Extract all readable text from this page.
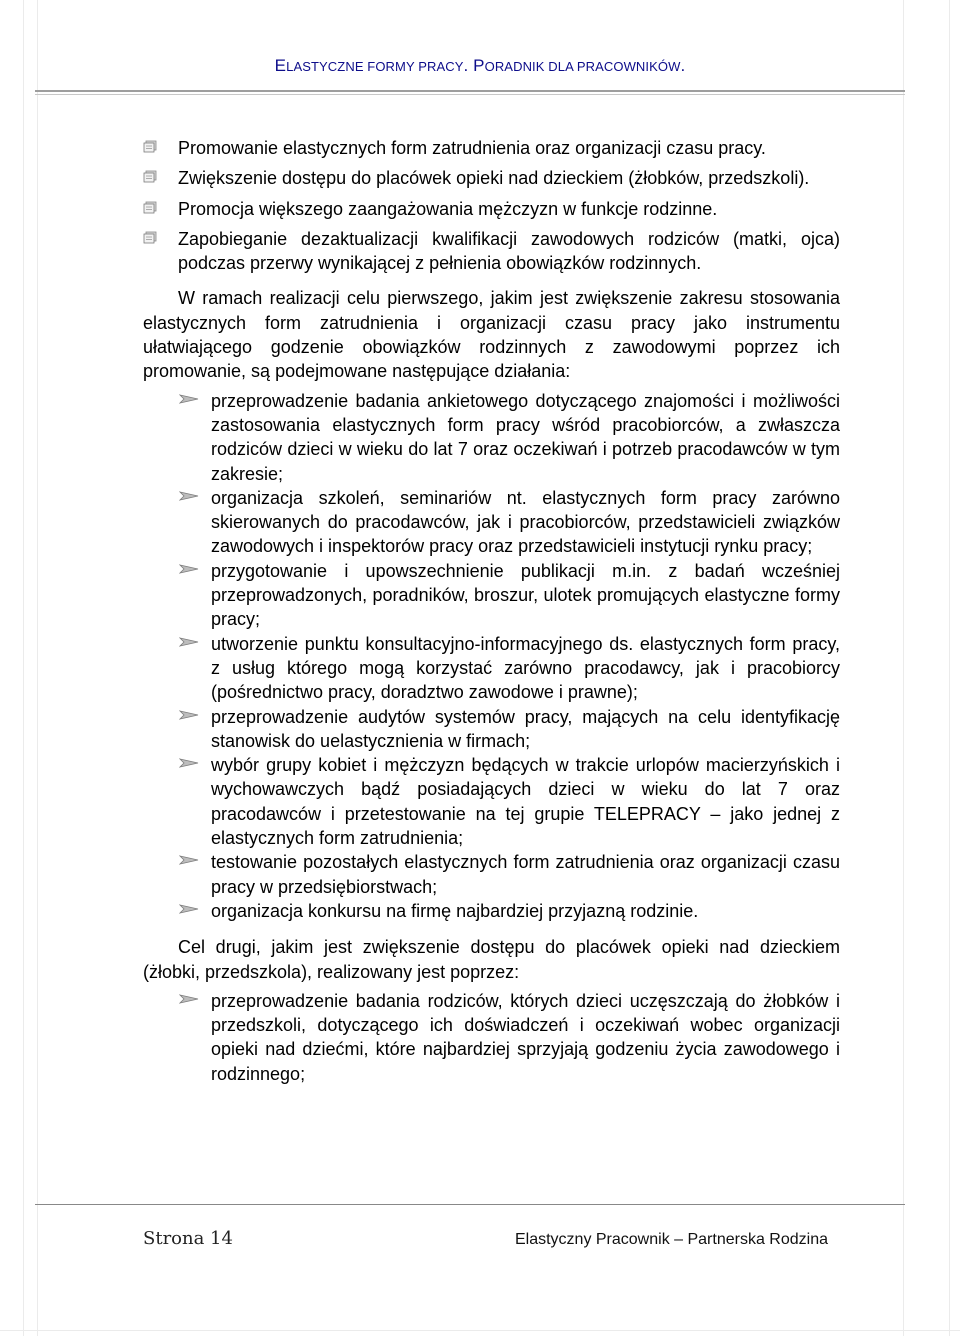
ELASTYCZNE FORMY PRACY. PORADNIK DLA PRACOWNIKÓW.
Promowanie elastycznych form zatrudnienia oraz organizacji czasu pracy.
Zwiększenie dostępu do placówek opieki nad dzieckiem (żłobków, przedszkoli).
Promocja większego zaangażowania mężczyzn w funkcje rodzinne.
Zapobieganie dezaktualizacji kwalifikacji zawodowych rodziców (matki, ojca) podczas przerwy wynikającej z pełnienia obowiązków rodzinnych.

W ramach realizacji celu pierwszego, jakim jest zwiększenie zakresu stosowania elastycznych form zatrudnienia i organizacji czasu pracy jako instrumentu ułatwiającego godzenie obowiązków rodzinnych z zawodowymi poprzez ich promowanie, są podejmowane następujące działania:

przeprowadzenie badania ankietowego dotyczącego znajomości i możliwości zastosowania elastycznych form pracy wśród pracobiorców, a zwłaszcza rodziców dzieci w wieku do lat 7 oraz oczekiwań i potrzeb pracodawców w tym zakresie;
organizacja szkoleń, seminariów nt. elastycznych form pracy zarówno skierowanych do pracodawców, jak i pracobiorców, przedstawicieli związków zawodowych i inspektorów pracy oraz przedstawicieli instytucji rynku pracy;
przygotowanie i upowszechnienie publikacji m.in. z badań wcześniej przeprowadzonych, poradników, broszur, ulotek promujących elastyczne formy pracy;
utworzenie punktu konsultacyjno-informacyjnego ds. elastycznych form pracy, z usług którego mogą korzystać zarówno pracodawcy, jak i pracobiorcy (pośrednictwo pracy, doradztwo zawodowe i prawne);
przeprowadzenie audytów systemów pracy, mających na celu identyfikację stanowisk do uelastycznienia w firmach;
wybór grupy kobiet i mężczyzn będących w trakcie urlopów macierzyńskich i wychowawczych bądź posiadających dzieci w wieku do lat 7 oraz pracodawców i przetestowanie na tej grupie TELEPRACY – jako jednej z elastycznych form zatrudnienia;
testowanie pozostałych elastycznych form zatrudnienia oraz organizacji czasu pracy w przedsiębiorstwach;
organizacja konkursu na firmę najbardziej przyjazną rodzinie.

Cel drugi, jakim jest zwiększenie dostępu do placówek opieki nad dzieckiem (żłobki, przedszkola), realizowany jest poprzez:

przeprowadzenie badania rodziców, których dzieci uczęszczają do żłobków i przedszkoli, dotyczącego ich doświadczeń i oczekiwań wobec organizacji opieki nad dziećmi, które najbardziej sprzyjają godzeniu życia zawodowego i rodzinnego;
Strona 14	Elastyczny Pracownik – Partnerska Rodzina
